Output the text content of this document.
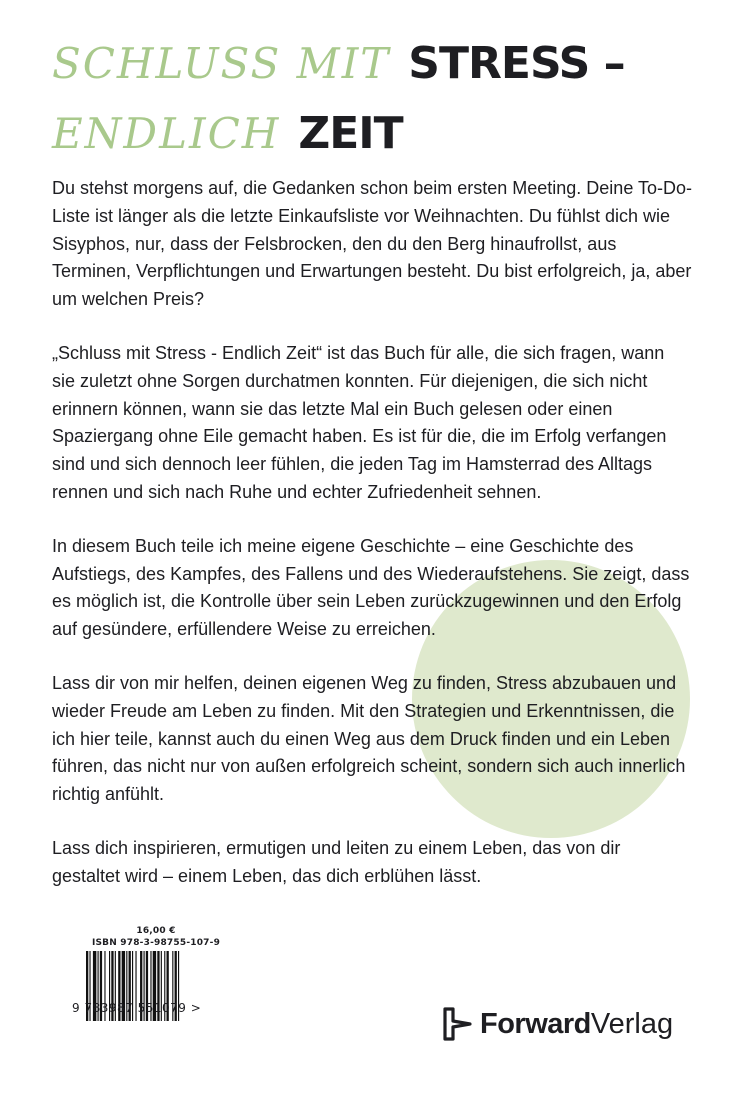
SCHLUSS MIT STRESS –
ENDLICH ZEIT

Du stehst morgens auf, die Gedanken schon beim ersten Meeting. Deine To-Do-Liste ist länger als die letzte Einkaufsliste vor Weihnachten. Du fühlst dich wie Sisyphos, nur, dass der Felsbrocken, den du den Berg hinaufrollst, aus Terminen, Verpflichtungen und Erwartungen besteht. Du bist erfolgreich, ja, aber um welchen Preis?

„Schluss mit Stress - Endlich Zeit“ ist das Buch für alle, die sich fragen, wann sie zuletzt ohne Sorgen durchatmen konnten. Für diejenigen, die sich nicht erinnern können, wann sie das letzte Mal ein Buch gelesen oder einen Spaziergang ohne Eile gemacht haben. Es ist für die, die im Erfolg verfangen sind und sich dennoch leer fühlen, die jeden Tag im Hamsterrad des Alltags rennen und sich nach Ruhe und echter Zufriedenheit sehnen.

In diesem Buch teile ich meine eigene Geschichte – eine Geschichte des Aufstiegs, des Kampfes, des Fallens und des Wiederaufstehens. Sie zeigt, dass es möglich ist, die Kontrolle über sein Leben zurückzugewinnen und den Erfolg auf gesündere, erfüllendere Weise zu erreichen.

Lass dir von mir helfen, deinen eigenen Weg zu finden, Stress abzubauen und wieder Freude am Leben zu finden. Mit den Strategien und Erkenntnissen, die ich hier teile, kannst auch du einen Weg aus dem Druck finden und ein Leben führen, das nicht nur von außen erfolgreich scheint, sondern sich auch innerlich richtig anfühlt.

Lass dich inspirieren, ermutigen und leiten zu einem Leben, das von dir gestaltet wird – einem Leben, das dich erblühen lässt.

16,00 €
ISBN 978-3-98755-107-9
9 783987 551079 >	ForwardVerlag
